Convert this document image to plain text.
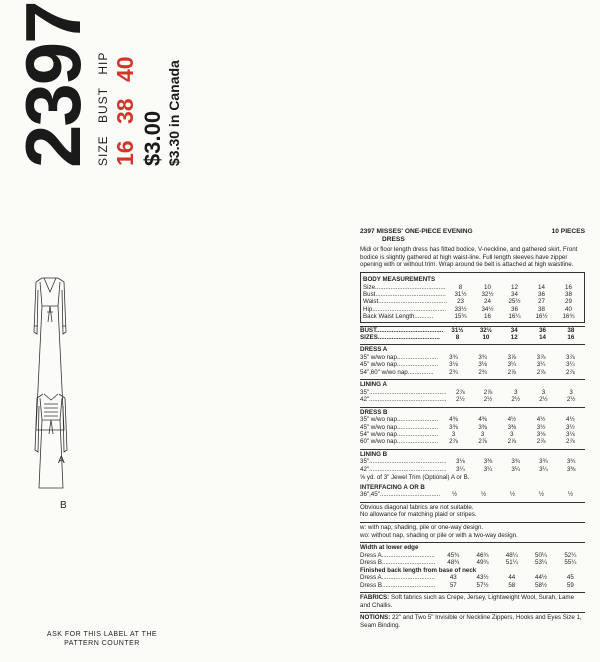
2397 SIZE BUST HIP
16 38 40
$3.00 $3.30 in Canada
A
B
ASK FOR THIS LABEL AT THE PATTERN COUNTER
2397 MISSES' ONE-PIECE EVENING
DRESS
10 PIECES
Midi or floor length dress has fitted bodice, V-neckline, and gathered skirt. Front bodice is slightly gathered at high waist-line. Full length sleeves have zipper opening with or without trim. Wrap around tie belt is attached at high waistline.
BODY MEASUREMENTS
Size.........................................	8	10	12	14	16
Bust.........................................	31½	32½	34	36	38
Waist........................................	23	24	25½	27	29
Hip...........................................	33½	34½	36	38	40
Back Waist Length...........	15¾	16	16¼	16½	16¾
BUST.......................................	31½	32½	34	36	38
SIZES....................................	8	10	12	14	16
DRESS A
35" w/wo nap........................	3¾	3¾	3⅞	3⅞	3⅞
45" w/wo nap........................	3⅛	3⅛	3¼	3¼	3¼
54",60" w/wo nap...............	2¾	2¾	2⅞	2⅞	2⅞
LINING A
35".............................................	2⅞	2⅞	3	3	3
42".............................................	2½	2½	2½	2½	2½
DRESS B
35" w/wo nap........................	4⅜	4⅜	4½	4½	4½
45" w/wo nap........................	3⅜	3⅜	3⅜	3½	3½
54" w/wo nap........................	3	3	3	3⅛	3⅛
60" w/wo nap........................	2⅞	2⅞	2⅞	2⅞	2⅞
LINING B
35".............................................	3⅛	3⅜	3¾	3¾	3¾
42".............................................	3¼	3¼	3¼	3¼	3⅜
⅝ yd. of 3" Jewel Trim (Optional) A or B.
INTERFACING A OR B
36",45"...................................	½	½	½	½	½
Obvious diagonal fabrics are not suitable.
No allowance for matching plaid or stripes.
w: with nap, shading, pile or one-way design.
wo: without nap, shading or pile or with a two-way design.
Width at lower edge
Dress A...............................	45¾	46¾	48¼	50¼	52¼
Dress B...............................	48¾	49¾	51¼	53¼	55¼
Finished back length from base of neck
Dress A...............................	43	43½	44	44½	45
Dress B...............................	57	57½	58	58½	59
FABRICS: Soft fabrics such as Crepe, Jersey, Lightweight Wool, Surah, Lame and Challis.
NOTIONS: 22" and Two 5" Invisible or Neckline Zippers, Hooks and Eyes Size 1, Seam Binding.
